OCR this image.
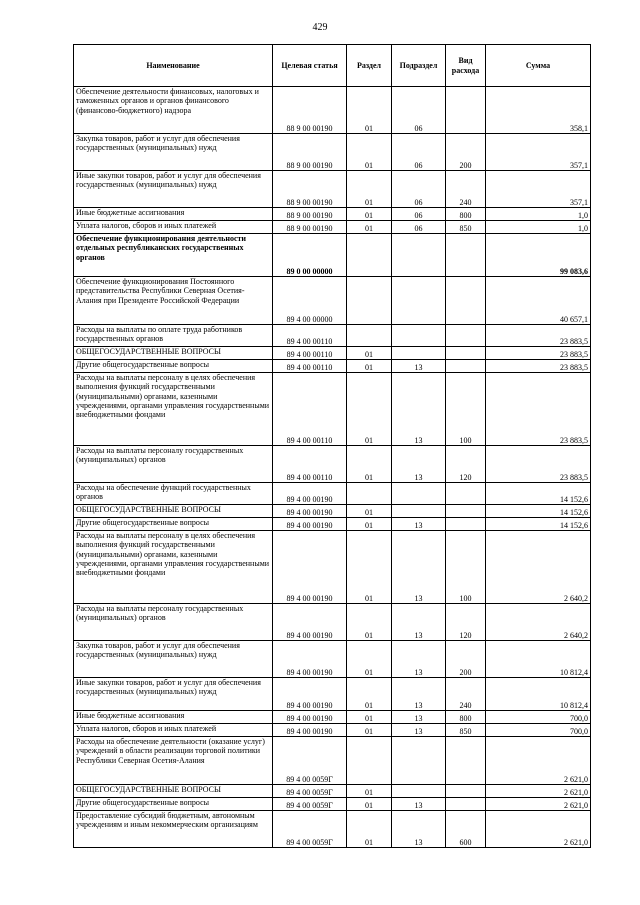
429
Наименование	Целевая статья	Раздел	Подраздел	Вид расхода	Сумма
Обеспечение деятельности финансовых, налоговых и таможенных органов и органов финансового (финансово-бюджетного) надзора	88 9 00 00190	01	06		358,1
Закупка товаров, работ и услуг для обеспечения государственных (муниципальных) нужд	88 9 00 00190	01	06	200	357,1
Иные закупки товаров, работ и услуг для обеспечения государственных (муниципальных) нужд	88 9 00 00190	01	06	240	357,1
Иные бюджетные ассигнования	88 9 00 00190	01	06	800	1,0
Уплата налогов, сборов и иных платежей	88 9 00 00190	01	06	850	1,0
Обеспечение функционирования деятельности отдельных республиканских государственных органов	89 0 00 00000				99 083,6
Обеспечение функционирования Постоянного представительства Республики Северная Осетия-Алания при Президенте Российской Федерации	89 4 00 00000				40 657,1
Расходы на выплаты по оплате труда работников государственных органов	89 4 00 00110				23 883,5
ОБЩЕГОСУДАРСТВЕННЫЕ ВОПРОСЫ	89 4 00 00110	01			23 883,5
Другие общегосударственные вопросы	89 4 00 00110	01	13		23 883,5
Расходы на выплаты персоналу в целях обеспечения выполнения функций государственными (муниципальными) органами, казенными учреждениями, органами управления государственными внебюджетными фондами	89 4 00 00110	01	13	100	23 883,5
Расходы на выплаты персоналу государственных (муниципальных) органов	89 4 00 00110	01	13	120	23 883,5
Расходы на обеспечение функций государственных органов	89 4 00 00190				14 152,6
ОБЩЕГОСУДАРСТВЕННЫЕ ВОПРОСЫ	89 4 00 00190	01			14 152,6
Другие общегосударственные вопросы	89 4 00 00190	01	13		14 152,6
Расходы на выплаты персоналу в целях обеспечения выполнения функций государственными (муниципальными) органами, казенными учреждениями, органами управления государственными внебюджетными фондами	89 4 00 00190	01	13	100	2 640,2
Расходы на выплаты персоналу государственных (муниципальных) органов	89 4 00 00190	01	13	120	2 640,2
Закупка товаров, работ и услуг для обеспечения государственных (муниципальных) нужд	89 4 00 00190	01	13	200	10 812,4
Иные закупки товаров, работ и услуг для обеспечения государственных (муниципальных) нужд	89 4 00 00190	01	13	240	10 812,4
Иные бюджетные ассигнования	89 4 00 00190	01	13	800	700,0
Уплата налогов, сборов и иных платежей	89 4 00 00190	01	13	850	700,0
Расходы на обеспечение деятельности (оказание услуг) учреждений в области реализации торговой политики Республики Северная Осетия-Алания	89 4 00 0059Г				2 621,0
ОБЩЕГОСУДАРСТВЕННЫЕ ВОПРОСЫ	89 4 00 0059Г	01			2 621,0
Другие общегосударственные вопросы	89 4 00 0059Г	01	13		2 621,0
Предоставление субсидий бюджетным, автономным учреждениям и иным некоммерческим организациям	89 4 00 0059Г	01	13	600	2 621,0
